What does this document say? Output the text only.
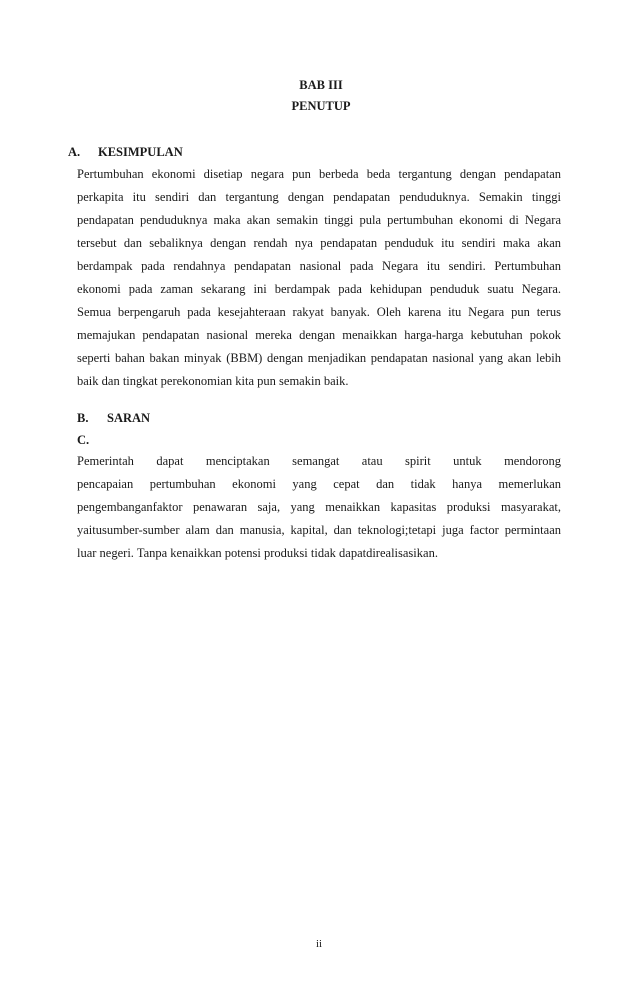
BAB III
PENUTUP
A. KESIMPULAN
Pertumbuhan ekonomi disetiap negara pun berbeda beda tergantung dengan pendapatan
perkapita itu sendiri dan tergantung dengan pendapatan penduduknya. Semakin tinggi
pendapatan penduduknya maka akan semakin tinggi pula pertumbuhan ekonomi di Negara
tersebut dan sebaliknya dengan rendah nya pendapatan penduduk itu sendiri maka akan
berdampak pada rendahnya pendapatan nasional pada Negara itu sendiri. Pertumbuhan
ekonomi pada zaman sekarang ini berdampak pada kehidupan penduduk suatu Negara.
Semua berpengaruh pada kesejahteraan rakyat banyak. Oleh karena itu Negara pun terus
memajukan pendapatan nasional mereka dengan menaikkan harga-harga kebutuhan pokok
seperti bahan bakan minyak (BBM) dengan menjadikan pendapatan nasional yang akan lebih
baik dan tingkat perekonomian kita pun semakin baik.
B. SARAN
C.
Pemerintah dapat menciptakan semangat atau spirit untuk mendorong
pencapaian pertumbuhan ekonomi yang cepat dan tidak hanya memerlukan
pengembanganfaktor penawaran saja, yang menaikkan kapasitas produksi masyarakat,
yaitusumber-sumber alam dan manusia, kapital, dan teknologi;tetapi juga factor permintaan
luar negeri. Tanpa kenaikkan potensi produksi tidak dapatdirealisasikan.
ii
